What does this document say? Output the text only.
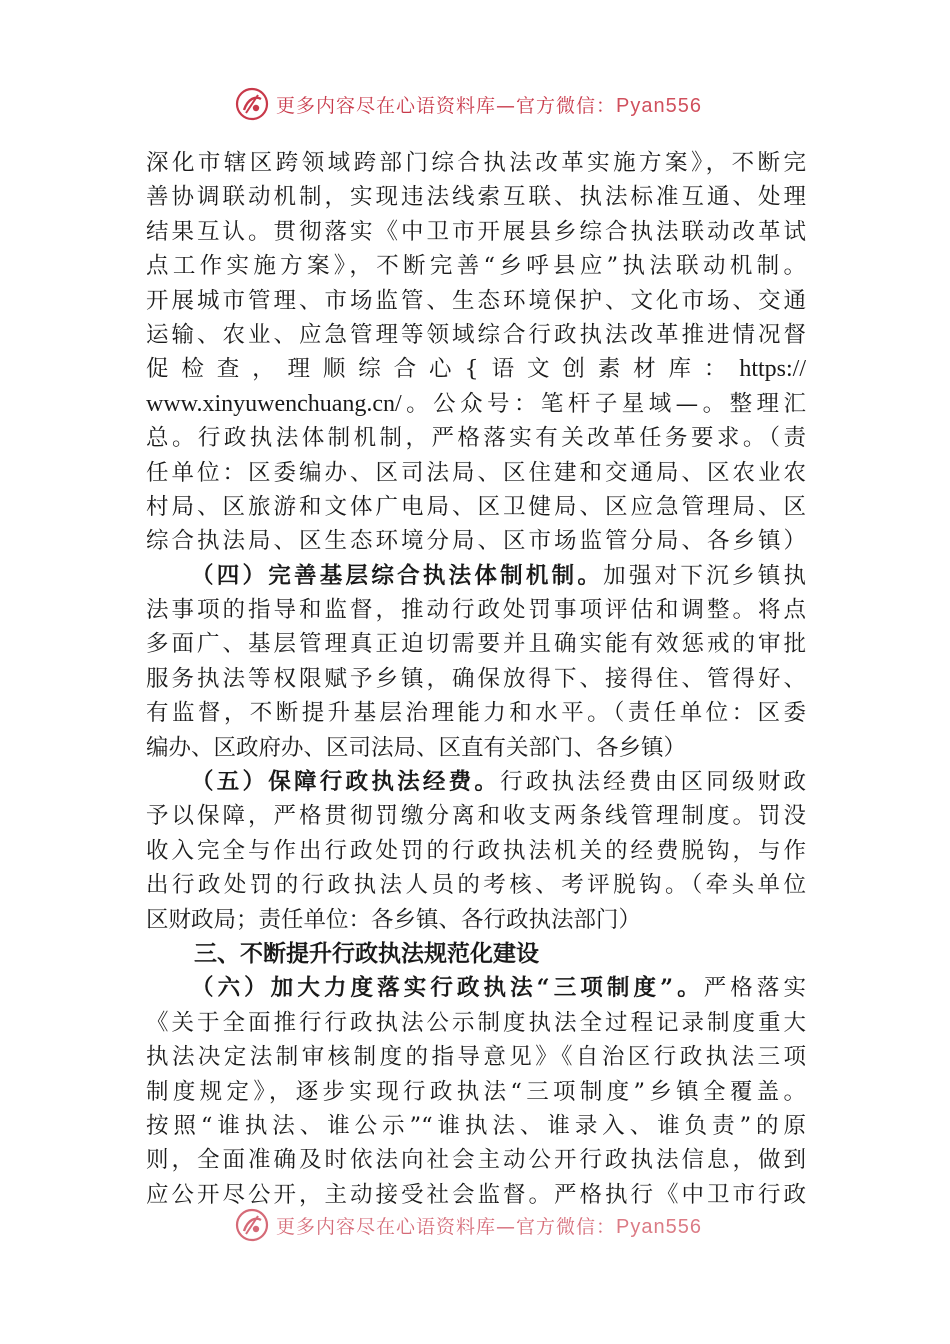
更多内容尽在心语资料库—官方微信：Pyan556
深化市辖区跨领域跨部门综合执法改革实施方案》，不断完
善协调联动机制，实现违法线索互联、执法标准互通、处理
结果互认。贯彻落实《中卫市开展县乡综合执法联动改革试
点工作实施方案》，不断完善“乡呼县应”执法联动机制。
开展城市管理、市场监管、生态环境保护、文化市场、交通
运输、农业、应急管理等领域综合行政执法改革推进情况督
促检查，理顺综合心{语文创素材库：https://
www.xinyuwenchuang.cn/。公众号：笔杆子星域—。整理汇
总。行政执法体制机制，严格落实有关改革任务要求。（责
任单位：区委编办、区司法局、区住建和交通局、区农业农
村局、区旅游和文体广电局、区卫健局、区应急管理局、区
综合执法局、区生态环境分局、区市场监管分局、各乡镇）
（四）完善基层综合执法体制机制。加强对下沉乡镇执
法事项的指导和监督，推动行政处罚事项评估和调整。将点
多面广、基层管理真正迫切需要并且确实能有效惩戒的审批
服务执法等权限赋予乡镇，确保放得下、接得住、管得好、
有监督，不断提升基层治理能力和水平。（责任单位：区委
编办、区政府办、区司法局、区直有关部门、各乡镇）
（五）保障行政执法经费。行政执法经费由区同级财政
予以保障，严格贯彻罚缴分离和收支两条线管理制度。罚没
收入完全与作出行政处罚的行政执法机关的经费脱钩，与作
出行政处罚的行政执法人员的考核、考评脱钩。（牵头单位
区财政局；责任单位：各乡镇、各行政执法部门）
三、不断提升行政执法规范化建设
（六）加大力度落实行政执法“三项制度”。严格落实
《关于全面推行行政执法公示制度执法全过程记录制度重大
执法决定法制审核制度的指导意见》《自治区行政执法三项
制度规定》，逐步实现行政执法“三项制度”乡镇全覆盖。
按照“谁执法、谁公示”“谁执法、谁录入、谁负责”的原
则，全面准确及时依法向社会主动公开行政执法信息，做到
应公开尽公开，主动接受社会监督。严格执行《中卫市行政
更多内容尽在心语资料库—官方微信：Pyan556
